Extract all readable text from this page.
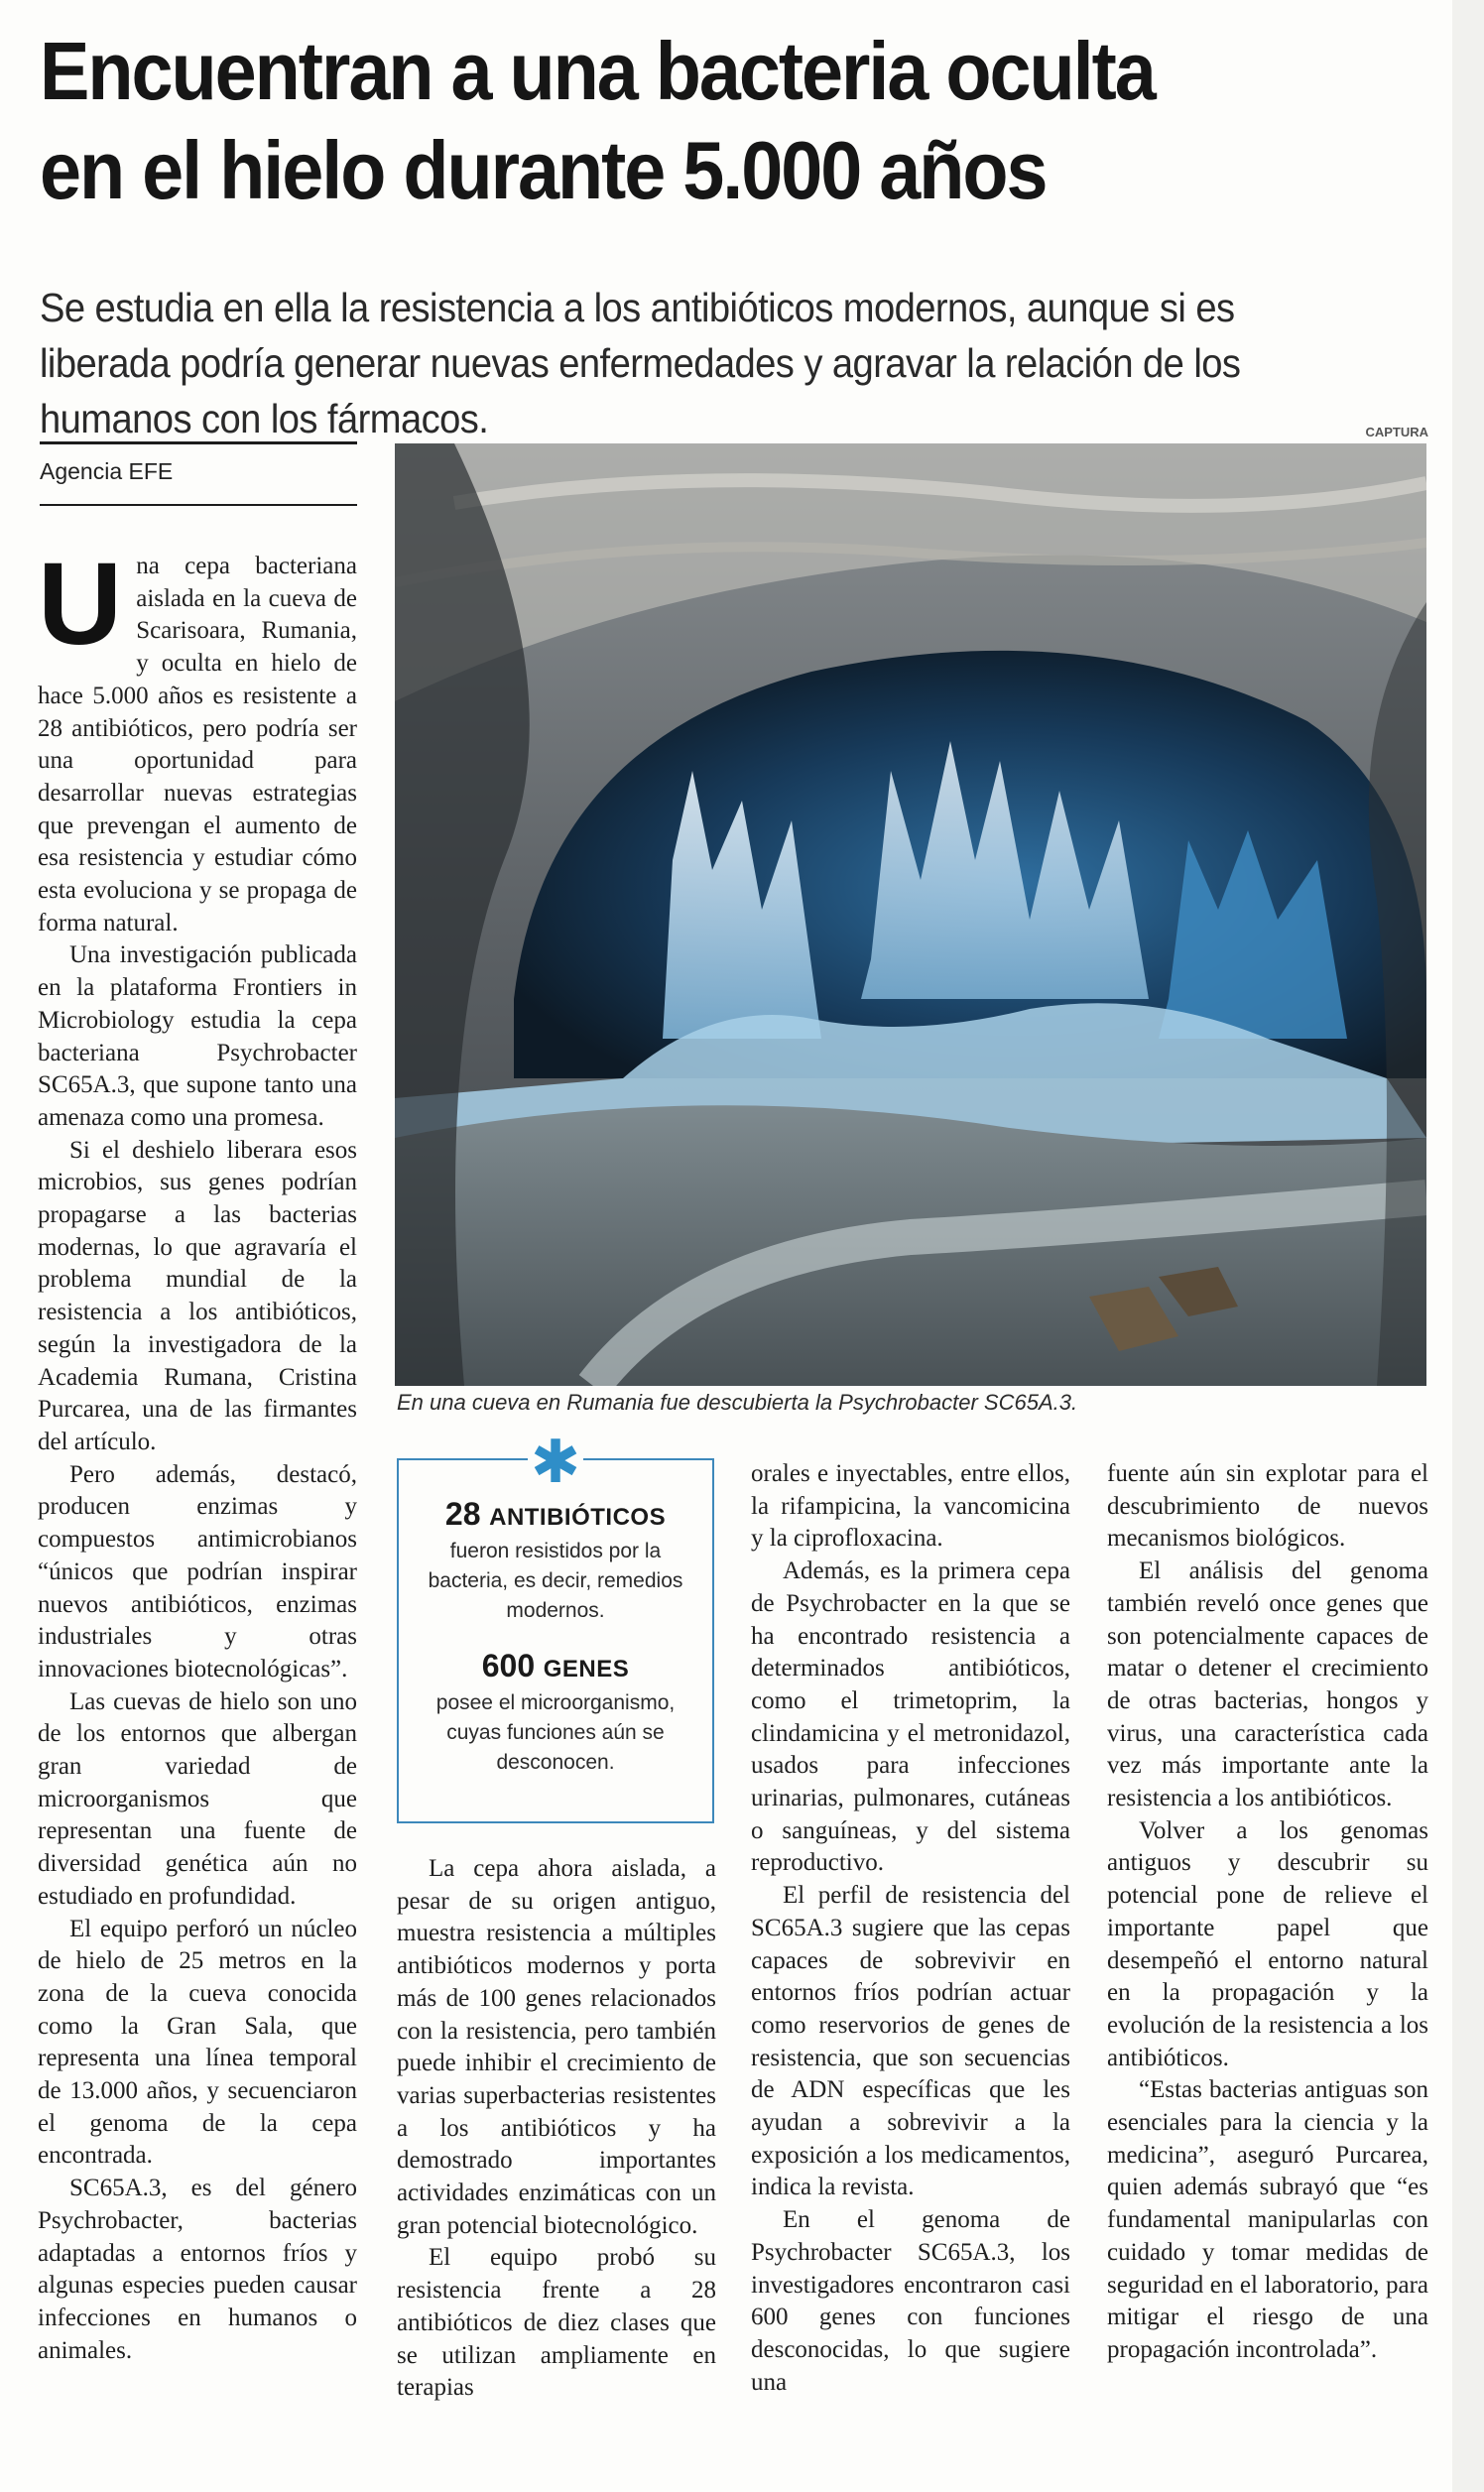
Encuentran a una bacteria oculta
en el hielo durante 5.000 años

Se estudia en ella la resistencia a los antibióticos modernos, aunque si es liberada podría generar nuevas enfermedades y agravar la relación de los humanos con los fármacos.

Agencia EFE
CAPTURA
En una cueva en Rumania fue descubierta la Psychrobacter SC65A.3.

Una cepa bacteriana aislada en la cueva de Scarisoara, Rumania, y oculta en hielo de hace 5.000 años es resistente a 28 antibióticos, pero podría ser una oportunidad para desarrollar nuevas estrategias que prevengan el aumento de esa resistencia y estudiar cómo esta evoluciona y se propaga de forma natural.

Una investigación publicada en la plataforma Frontiers in Microbiology estudia la cepa bacteriana Psychrobacter SC65A.3, que supone tanto una amenaza como una promesa.

Si el deshielo liberara esos microbios, sus genes podrían propagarse a las bacterias modernas, lo que agravaría el problema mundial de la resistencia a los antibióticos, según la investigadora de la Academia Rumana, Cristina Purcarea, una de las firmantes del artículo.

Pero además, destacó, producen enzimas y compuestos antimicrobianos “únicos que podrían inspirar nuevos antibióticos, enzimas industriales y otras innovaciones biotecnológicas”.

Las cuevas de hielo son uno de los entornos que albergan gran variedad de microorganismos que representan una fuente de diversidad genética aún no estudiado en profundidad.

El equipo perforó un núcleo de hielo de 25 metros en la zona de la cueva conocida como la Gran Sala, que representa una línea temporal de 13.000 años, y secuenciaron el genoma de la cepa encontrada.

SC65A.3, es del género Psychrobacter, bacterias adaptadas a entornos fríos y algunas especies pueden causar infecciones en humanos o animales.

28 ANTIBIÓTICOS
fueron resistidos por la bacteria, es decir, remedios modernos.
600 GENES
posee el microorganismo, cuyas funciones aún se desconocen.
✱

La cepa ahora aislada, a pesar de su origen antiguo, muestra resistencia a múltiples antibióticos modernos y porta más de 100 genes relacionados con la resistencia, pero también puede inhibir el crecimiento de varias superbacterias resistentes a los antibióticos y ha demostrado importantes actividades enzimáticas con un gran potencial biotecnológico.

El equipo probó su resistencia frente a 28 antibióticos de diez clases que se utilizan ampliamente en terapias

orales e inyectables, entre ellos, la rifampicina, la vancomicina y la ciprofloxacina.

Además, es la primera cepa de Psychrobacter en la que se ha encontrado resistencia a determinados antibióticos, como el trimetoprim, la clindamicina y el metronidazol, usados para infecciones urinarias, pulmonares, cutáneas o sanguíneas, y del sistema reproductivo.

El perfil de resistencia del SC65A.3 sugiere que las cepas capaces de sobrevivir en entornos fríos podrían actuar como reservorios de genes de resistencia, que son secuencias de ADN específicas que les ayudan a sobrevivir a la exposición a los medicamentos, indica la revista.

En el genoma de Psychrobacter SC65A.3, los investigadores encontraron casi 600 genes con funciones desconocidas, lo que sugiere una

fuente aún sin explotar para el descubrimiento de nuevos mecanismos biológicos.

El análisis del genoma también reveló once genes que son potencialmente capaces de matar o detener el crecimiento de otras bacterias, hongos y virus, una característica cada vez más importante ante la resistencia a los antibióticos.

Volver a los genomas antiguos y descubrir su potencial pone de relieve el importante papel que desempeñó el entorno natural en la propagación y la evolución de la resistencia a los antibióticos.

“Estas bacterias antiguas son esenciales para la ciencia y la medicina”, aseguró Purcarea, quien además subrayó que “es fundamental manipularlas con cuidado y tomar medidas de seguridad en el laboratorio, para mitigar el riesgo de una propagación incontrolada”.
